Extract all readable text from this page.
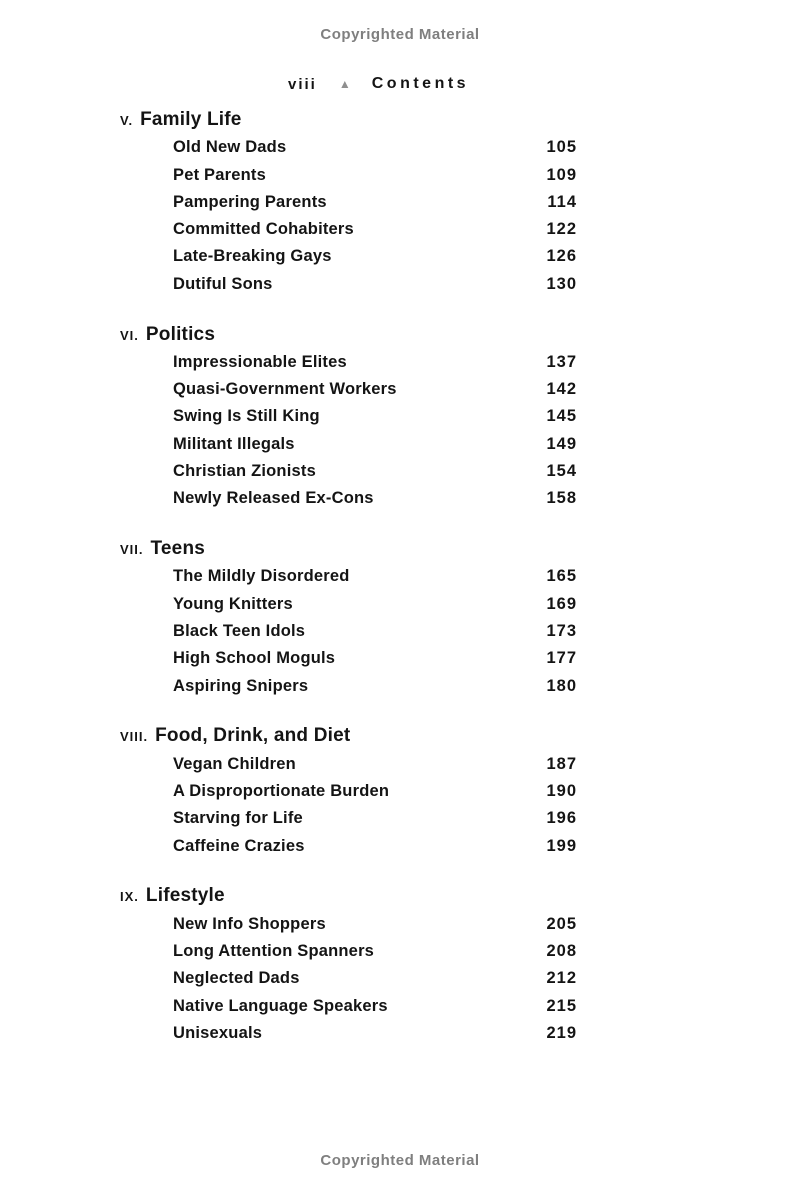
Copyrighted Material
viii ▲ Contents
V. Family Life
Old New Dads	105
Pet Parents	109
Pampering Parents	114
Committed Cohabiters	122
Late-Breaking Gays	126
Dutiful Sons	130
VI. Politics
Impressionable Elites	137
Quasi-Government Workers	142
Swing Is Still King	145
Militant Illegals	149
Christian Zionists	154
Newly Released Ex-Cons	158
VII. Teens
The Mildly Disordered	165
Young Knitters	169
Black Teen Idols	173
High School Moguls	177
Aspiring Snipers	180
VIII. Food, Drink, and Diet
Vegan Children	187
A Disproportionate Burden	190
Starving for Life	196
Caffeine Crazies	199
IX. Lifestyle
New Info Shoppers	205
Long Attention Spanners	208
Neglected Dads	212
Native Language Speakers	215
Unisexuals	219
Copyrighted Material
